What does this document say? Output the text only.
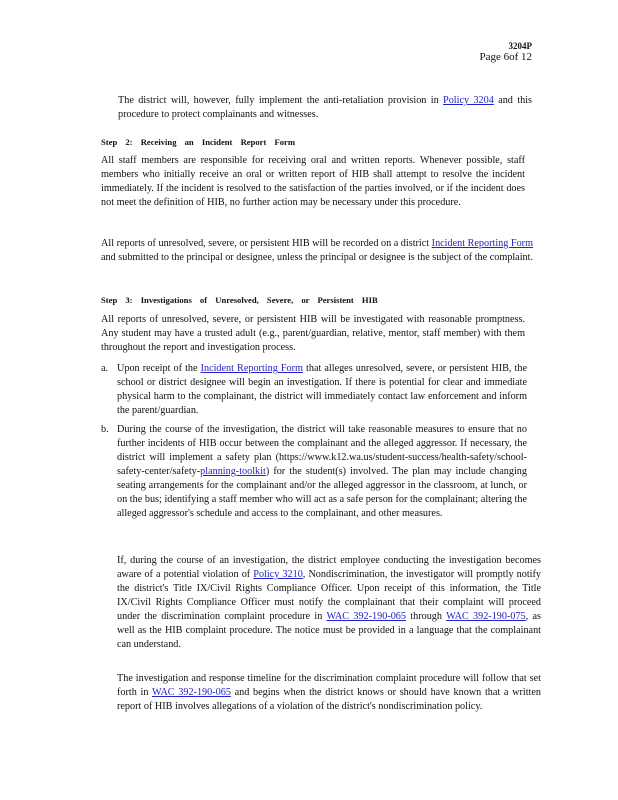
3204P
Page 6of 12

The district will, however, fully implement the anti-retaliation provision in Policy 3204 and this procedure to protect complainants and witnesses.

Step 2: Receiving an Incident Report Form

All staff members are responsible for receiving oral and written reports. Whenever possible, staff members who initially receive an oral or written report of HIB shall attempt to resolve the incident immediately. If the incident is resolved to the satisfaction of the parties involved, or if the incident does not meet the definition of HIB, no further action may be necessary under this procedure.

All reports of unresolved, severe, or persistent HIB will be recorded on a district Incident Reporting Form and submitted to the principal or designee, unless the principal or designee is the subject of the complaint.

Step 3: Investigations of Unresolved, Severe, or Persistent HIB

All reports of unresolved, severe, or persistent HIB will be investigated with reasonable promptness. Any student may have a trusted adult (e.g., parent/guardian, relative, mentor, staff member) with them throughout the report and investigation process.

a. Upon receipt of the Incident Reporting Form that alleges unresolved, severe, or persistent HIB, the school or district designee will begin an investigation. If there is potential for clear and immediate physical harm to the complainant, the district will immediately contact law enforcement and inform the parent/guardian.
b. During the course of the investigation, the district will take reasonable measures to ensure that no further incidents of HIB occur between the complainant and the alleged aggressor. If necessary, the district will implement a safety plan (https://www.k12.wa.us/student-success/health-safety/school-safety-center/safety-planning-toolkit) for the student(s) involved. The plan may include changing seating arrangements for the complainant and/or the alleged aggressor in the classroom, at lunch, or on the bus; identifying a staff member who will act as a safe person for the complainant; altering the alleged aggressor's schedule and access to the complainant, and other measures.

If, during the course of an investigation, the district employee conducting the investigation becomes aware of a potential violation of Policy 3210, Nondiscrimination, the investigator will promptly notify the district's Title IX/Civil Rights Compliance Officer. Upon receipt of this information, the Title IX/Civil Rights Compliance Officer must notify the complainant that their complaint will proceed under the discrimination complaint procedure in WAC 392-190-065 through WAC 392-190-075, as well as the HIB complaint procedure. The notice must be provided in a language that the complainant can understand.

The investigation and response timeline for the discrimination complaint procedure will follow that set forth in WAC 392-190-065 and begins when the district knows or should have known that a written report of HIB involves allegations of a violation of the district's nondiscrimination policy.
